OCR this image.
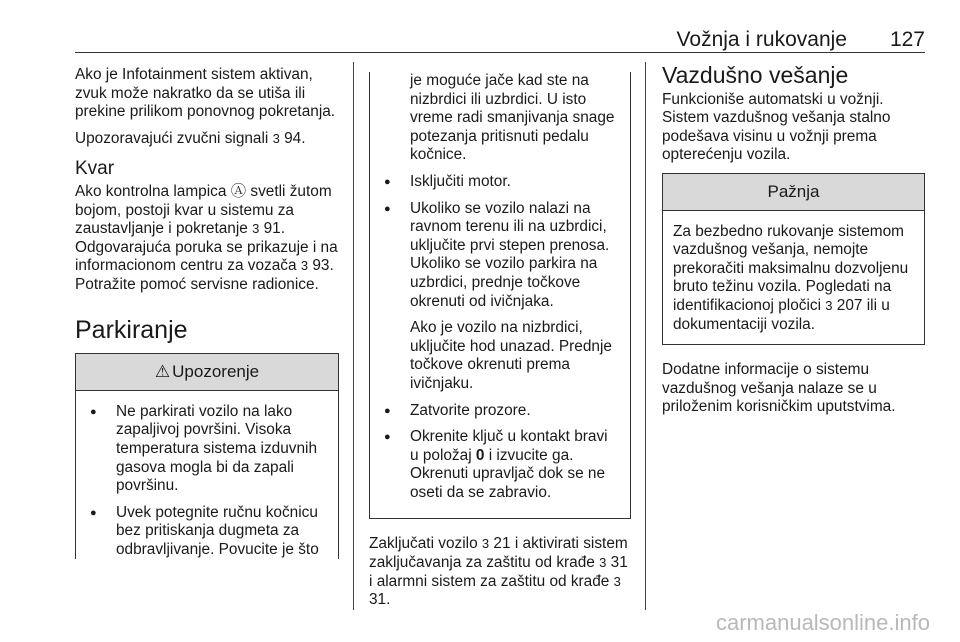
Vožnja i rukovanje 127

Ako je Infotainment sistem aktivan, zvuk može nakratko da se utiša ili prekine prilikom ponovnog pokretanja.

Upozoravajući zvučni signali 3 94.

Kvar

Ako kontrolna lampica Ⓐ svetli žutom bojom, postoji kvar u sistemu za zaustavljanje i pokretanje 3 91. Odgovarajuća poruka se prikazuje i na informacionom centru za vozača 3 93. Potražite pomoć servisne radionice.

Parkiranje
⚠ Upozorenje
● Ne parkirati vozilo na lako zapaljivoj površini. Visoka temperatura sistema izduvnih gasova mogla bi da zapali površinu.
● Uvek potegnite ručnu kočnicu bez pritiskanja dugmeta za odbravljivanje. Povucite je što
je moguće jače kad ste na nizbrdici ili uzbrdici. U isto vreme radi smanjivanja snage potezanja pritisnuti pedalu kočnice.
● Isključiti motor.
● Ukoliko se vozilo nalazi na ravnom terenu ili na uzbrdici, uključite prvi stepen prenosa. Ukoliko se vozilo parkira na uzbrdici, prednje točkove okrenuti od ivičnjaka.
Ako je vozilo na nizbrdici, uključite hod unazad. Prednje točkove okrenuti prema ivičnjaku.
● Zatvorite prozore.
● Okrenite ključ u kontakt bravi u položaj 0 i izvucite ga. Okrenuti upravljač dok se ne oseti da se zabravio.

Zaključati vozilo 3 21 i aktivirati sistem zaključavanja za zaštitu od krađe 3 31 i alarmni sistem za zaštitu od krađe 3 31.

Vazdušno vešanje

Funkcioniše automatski u vožnji. Sistem vazdušnog vešanja stalno podešava visinu u vožnji prema opterećenju vozila.

Pažnja

Za bezbedno rukovanje sistemom vazdušnog vešanja, nemojte prekoračiti maksimalnu dozvoljenu bruto težinu vozila. Pogledati na identifikacionoj pločici 3 207 ili u dokumentaciji vozila.

Dodatne informacije o sistemu vazdušnog vešanja nalaze se u priloženim korisničkim uputstvima.

carmanualsonline.info
